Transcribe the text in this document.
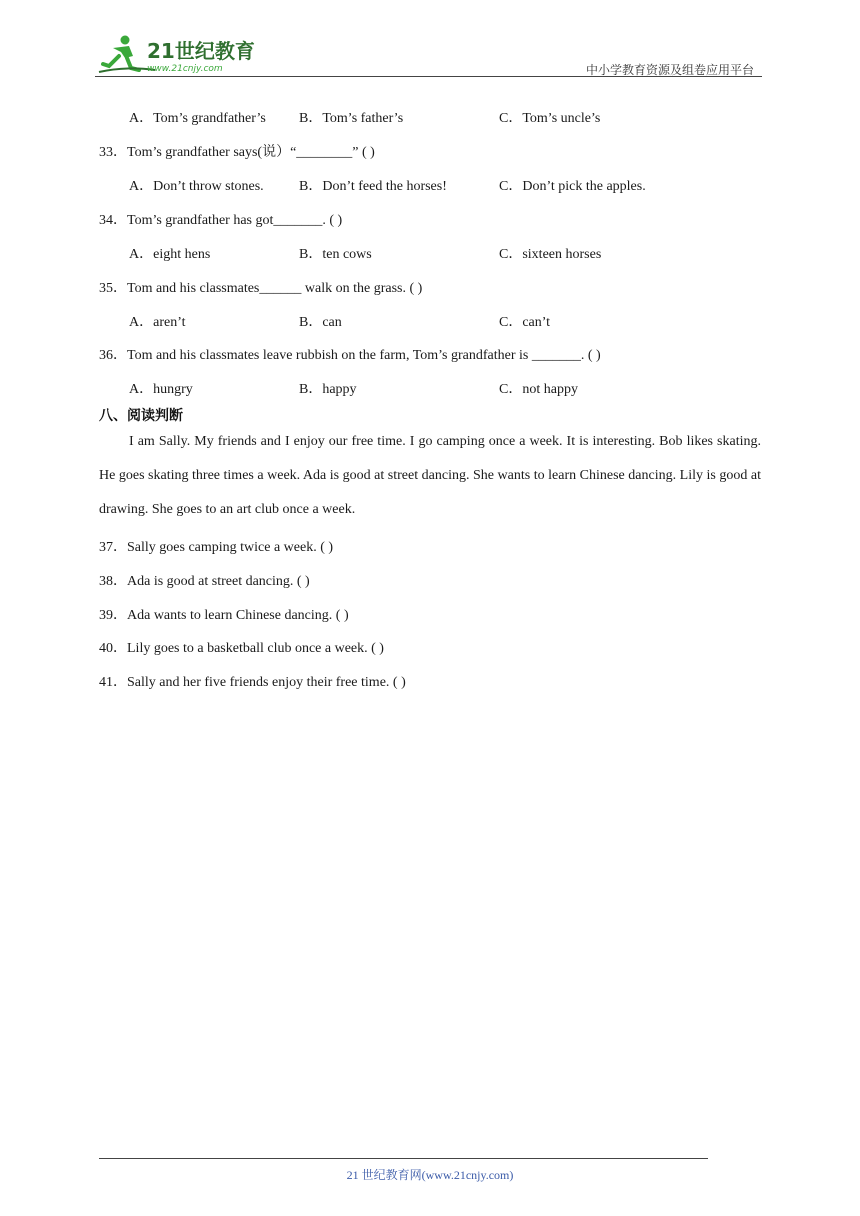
21世纪教育
www.21cnjy.com	中小学教育资源及组卷应用平台
A．Tom’s grandfather’s B．Tom’s father’s	C．Tom’s uncle’s
33．Tom’s grandfather says(说）“________” ( )
A．Don’t throw stones.	B．Don’t feed the horses!	C．Don’t pick the apples.
34．Tom’s grandfather has got_______. ( )
A．eight hens	B．ten cows	C．sixteen horses
35．Tom and his classmates______ walk on the grass. ( )
A．aren’t	B．can	C．can’t
36．Tom and his classmates leave rubbish on the farm, Tom’s grandfather is _______. ( )
A．hungry	B．happy	C．not happy
八、阅读判断

I am Sally. My friends and I enjoy our free time. I go camping once a week. It is interesting. Bob likes skating. He goes skating three times a week. Ada is good at street dancing. She wants to learn Chinese dancing. Lily is good at drawing. She goes to an art club once a week.

37．Sally goes camping twice a week. ( )
38．Ada is good at street dancing. ( )
39．Ada wants to learn Chinese dancing. ( )
40．Lily goes to a basketball club once a week. ( )
41．Sally and her five friends enjoy their free time. ( )
21 世纪教育网(www.21cnjy.com)
